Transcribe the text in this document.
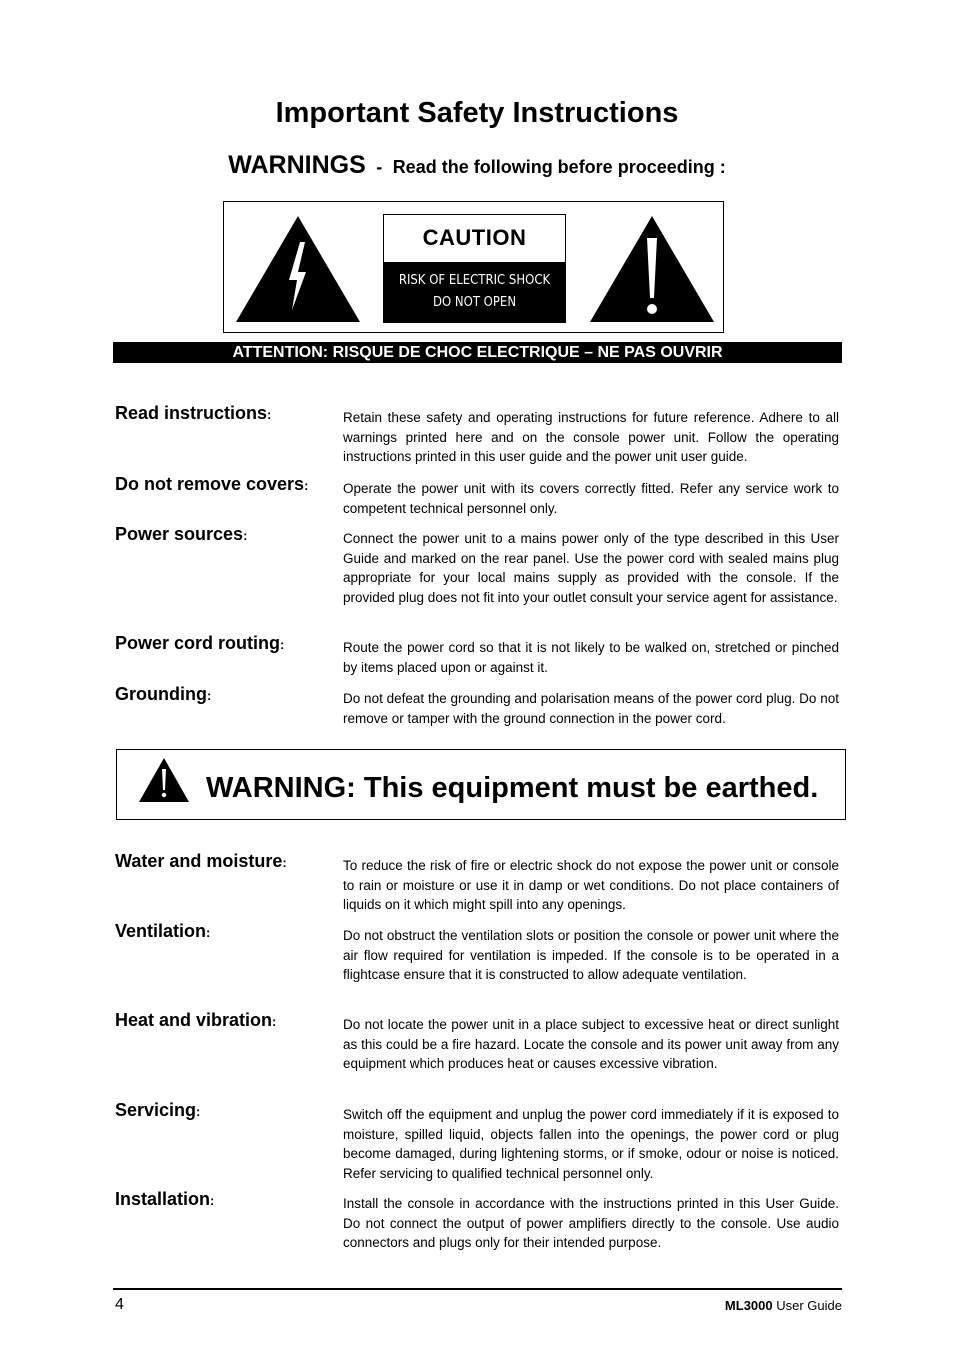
Important Safety Instructions
WARNINGS - Read the following before proceeding :
CAUTION
RISK OF ELECTRIC SHOCK
DO NOT OPEN
ATTENTION: RISQUE DE CHOC ELECTRIQUE – NE PAS OUVRIR
Read instructions:	Retain these safety and operating instructions for future reference. Adhere to all warnings printed here and on the console power unit. Follow the operating instructions printed in this user guide and the power unit user guide.
Do not remove covers:	Operate the power unit with its covers correctly fitted. Refer any service work to competent technical personnel only.
Power sources:	Connect the power unit to a mains power only of the type described in this User Guide and marked on the rear panel. Use the power cord with sealed mains plug appropriate for your local mains supply as provided with the console. If the provided plug does not fit into your outlet consult your service agent for assistance.
Power cord routing:	Route the power cord so that it is not likely to be walked on, stretched or pinched by items placed upon or against it.
Grounding:	Do not defeat the grounding and polarisation means of the power cord plug. Do not remove or tamper with the ground connection in the power cord.
WARNING: This equipment must be earthed.
Water and moisture:	To reduce the risk of fire or electric shock do not expose the power unit or console to rain or moisture or use it in damp or wet conditions. Do not place containers of liquids on it which might spill into any openings.
Ventilation:	Do not obstruct the ventilation slots or position the console or power unit where the air flow required for ventilation is impeded. If the console is to be operated in a flightcase ensure that it is constructed to allow adequate ventilation.
Heat and vibration:	Do not locate the power unit in a place subject to excessive heat or direct sunlight as this could be a fire hazard. Locate the console and its power unit away from any equipment which produces heat or causes excessive vibration.
Servicing:	Switch off the equipment and unplug the power cord immediately if it is exposed to moisture, spilled liquid, objects fallen into the openings, the power cord or plug become damaged, during lightening storms, or if smoke, odour or noise is noticed. Refer servicing to qualified technical personnel only.
Installation:	Install the console in accordance with the instructions printed in this User Guide. Do not connect the output of power amplifiers directly to the console. Use audio connectors and plugs only for their intended purpose.
4	ML3000 User Guide
